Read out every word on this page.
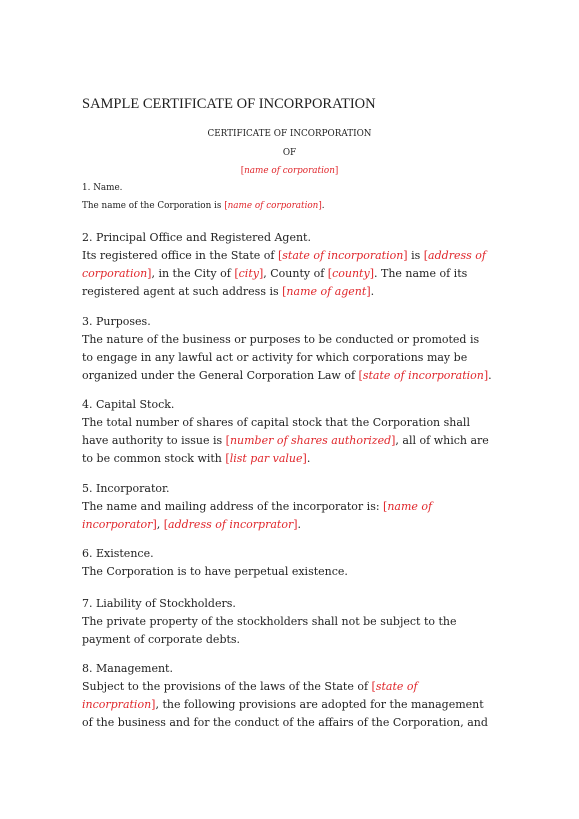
SAMPLE CERTIFICATE OF INCORPORATION
CERTIFICATE OF INCORPORATION
OF
[name of corporation]
1. Name.
The name of the Corporation is [name of corporation].
2. Principal Office and Registered Agent.
Its registered office in the State of [state of incorporation] is [address of
corporation], in the City of [city], County of [county]. The name of its
registered agent at such address is [name of agent].
3. Purposes.
The nature of the business or purposes to be conducted or promoted is
to engage in any lawful act or activity for which corporations may be
organized under the General Corporation Law of [state of incorporation].
4. Capital Stock.
The total number of shares of capital stock that the Corporation shall
have authority to issue is [number of shares authorized], all of which are
to be common stock with [list par value].
5. Incorporator.
The name and mailing address of the incorporator is: [name of
incorporator], [address of incorprator].
6. Existence.
The Corporation is to have perpetual existence.
7. Liability of Stockholders.
The private property of the stockholders shall not be subject to the
payment of corporate debts.
8. Management.
Subject to the provisions of the laws of the State of [state of
incorpration], the following provisions are adopted for the management
of the business and for the conduct of the affairs of the Corporation, and
